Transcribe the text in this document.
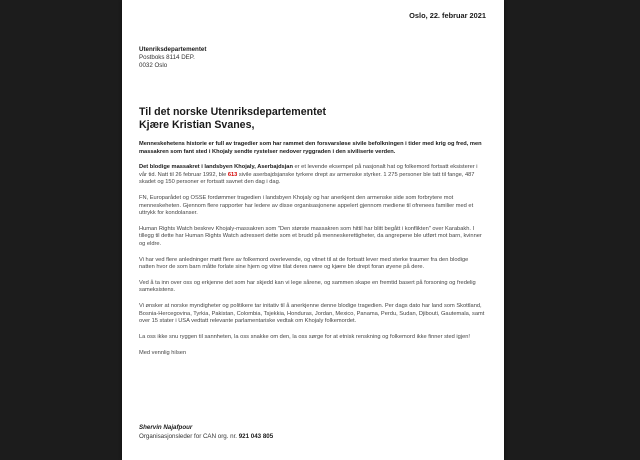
Oslo, 22. februar 2021
Utenriksdepartementet
Postboks 8114 DEP.
0032 Oslo
Til det norske Utenriksdepartementet
Kjære Kristian Svanes,

Menneskehetens historie er full av tragedier som har rammet den forsvarsløse sivile befolkningen i tider med krig og fred, men massakren som fant sted i Khojaly sendte rystelser nedover ryggraden i den siviliserte verden.

Det blodige massakret i landsbyen Khojaly, Aserbajdsjan er et levende eksempel på nasjonalt hat og folkemord fortsatt eksisterer i vår tid. Natt til 26 februar 1992, ble 613 sivile aserbajdsjanske tyrkere drept av armenske styrker. 1 275 personer ble tatt til fange, 487 skadet og 150 personer er fortsatt savnet den dag i dag.

FN, Europarådet og OSSE fordømmer tragedien i landsbyen Khojaly og har anerkjent den armenske side som forbrytere mot menneskeheten. Gjennom flere rapporter har ledere av disse organisasjonene appelert gjennom mediene til ofrenees familier med et uttrykk for kondolanser.

Human Rights Watch beskrev Khojaly-massakren som "Den største massakren som hittil har blitt begått i konflikten" over Karabakh. I tillegg til dette har Human Rights Watch adressert dette som et brudd på menneskerettigheter, da angrepene ble utført mot barn, kvinner og eldre.

Vi har ved flere anledninger møtt flere av folkemord overlevende, og vitnet til at de fortsatt lever med sterke traumer fra den blodige natten hvor de som barn måtte forlate sine hjem og vitne tilat deres nære og kjære ble drept foran øyene på dere.

Ved å ta inn over oss og erkjenne det som har skjedd kan vi lege sårene, og sammen skape en fremtid basert på forsoning og fredelig sameksistens.

Vi ønsker at norske myndigheter og politikere tar initativ til å anerkjenne denne blodige tragedien. Per dags dato har land som Skottland, Bosnia-Hercegovina, Tyrkia, Pakistan, Colombia, Tsjekkia, Honduras, Jordan, Mexico, Panama, Perdu, Sudan, Djibouti, Gautemala, samt over 15 stater i USA vedtatt relevante parlamentariske vedtak om Khojaly folkemordet.

La oss ikke snu ryggen til sannheten, la oss snakke om den, la oss sørge for at etnisk renskning og folkemord ikke finner sted igjen!

Med vennlig hilsen

Shervin Najafpour
Organisasjonsleder for CAN org. nr. 921 043 805
